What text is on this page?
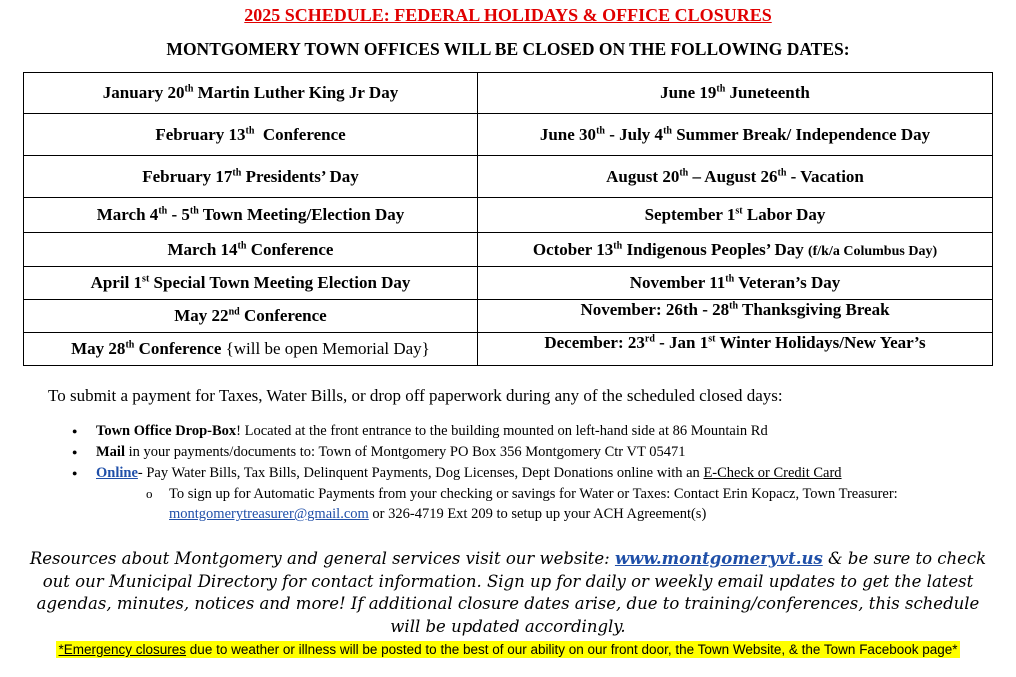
2025 SCHEDULE: FEDERAL HOLIDAYS & OFFICE CLOSURES
MONTGOMERY TOWN OFFICES WILL BE CLOSED ON THE FOLLOWING DATES:
January 20th Martin Luther King Jr Day	June 19th Juneteenth
February 13th  Conference	June 30th - July 4th Summer Break/ Independence Day
February 17th Presidents’ Day	August 20th – August 26th - Vacation
March 4th - 5th Town Meeting/Election Day	September 1st Labor Day
March 14th Conference	October 13th Indigenous Peoples’ Day (f/k/a Columbus Day)
April 1st Special Town Meeting Election Day	November 11th Veteran’s Day
May 22nd Conference	November: 26th - 28th Thanksgiving Break
May 28th Conference {will be open Memorial Day}	December: 23rd - Jan 1st Winter Holidays/New Year’s
To submit a payment for Taxes, Water Bills, or drop off paperwork during any of the scheduled closed days:
● Town Office Drop-Box! Located at the front entrance to the building mounted on left-hand side at 86 Mountain Rd
● Mail in your payments/documents to: Town of Montgomery PO Box 356 Montgomery Ctr VT 05471
● Online- Pay Water Bills, Tax Bills, Delinquent Payments, Dog Licenses, Dept Donations online with an E-Check or Credit Card
o To sign up for Automatic Payments from your checking or savings for Water or Taxes: Contact Erin Kopacz, Town Treasurer: montgomerytreasurer@gmail.com or 326-4719 Ext 209 to setup up your ACH Agreement(s)
Resources about Montgomery and general services visit our website: www.montgomeryvt.us & be sure to check out our Municipal Directory for contact information. Sign up for daily or weekly email updates to get the latest agendas, minutes, notices and more! If additional closure dates arise, due to training/conferences, this schedule will be updated accordingly.
*Emergency closures due to weather or illness will be posted to the best of our ability on our front door, the Town Website, & the Town Facebook page*
